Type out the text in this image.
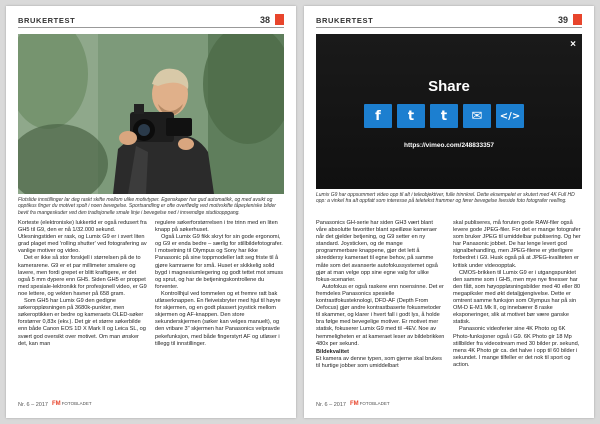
BRUKERTEST	38
Flotslide innstillinger lar deg raskt skifte mellom ulike motivtyper. Egenskaper har gud automatikk, og med avsikt og opptikus finger du motivet spolt i noen bevegelse. Sportsandling er ofte overflødig ved motivskifte tåpepleniske bilder bevit fra mangeskuder ved den tradisjonelle smale linje i bevegelse ned i innvendige studiooppgang.

Korteste (elektroniske) lukkertid er også redusert fra GH5 til G9, den er nå 1/32.000 sekund. Utlesningstiden er rask, og Lumix G9 er i svert liten grad plaget med 'rolling shutter' ved fotografering av vanlige motiver og video.

Det er ikke så stor forskjell i størrelsen på de to kamerarene. G9 er et par millimeter smalere og lavere, men fordi grepet er blitt kraftigere, er det også 5 mm dypere enn GH5. Siden GH5 er proppet med spesiale-lektronikk for profesjonell video, er G9 noe lettere, og vekten havner på 658 gram.

Som GH5 har Lumix G9 den gedigne søkeroppløsningen på 3680k-punkter, men søkeroptikken er bedre og kameraets OLED-søker forstørrer 0,83x (ekv.). Det gir et større søkerbilde enn både Canon EOS 1D X Mark II og Leica SL, og svært god oversikt over motivet. Om man ønsker det, kan man

regulere søkerforstørrelsen i tre trinn med en liten knapp på søkerhuset.

Også Lumix G9 fikk skryt for sin gode ergonomi, og G9 er enda bedre – særlig for stillbildefotografer. I motsetning til Olympus og Sony har ikke Panasonic på sine toppmodeller latt seg friste til å gjøre kamraene for små. Huset er skikkelig solid bygd i magnesiumlegering og godt tettet mot smuss og sprut, og har de betjeningskontrollene du forventer.

Kontrollhjul ved tommelen og et fremre ratt bak utløserknappen. En fleiveisbryter med hjul til høyre for skjermen, og en godt plassert joystick mellom skjermen og AF-knappen. Den store sekunderskjermen (søker kan velges manuelt), og den vribare 3" skjermen har Panasonics velpravde pekefunksjon, med både fingerstyrt AF og utløser i tillegg til innstillinger.

Nr. 6 – 2017 FMFOTOBLADET
BRUKERTEST	39
×
Share
f	t	t	✉	</>
https://vimeo.com/248833357
Lumix G9 har oppsummert video opp til alt i teleobjektiver, fulle trinnkrel. Dette eksempelet er skutert med 4K Full HD opp: a vinkel fra alt oppfatt som interesse på teletekst frammer og fører bevegelse liveside foto fotografer reelling.

Panasonics GH-serie har siden GH3 vært blant våre absolutte favoritter blant speilløse kameraer når det gjelder betjening, og G9 setter en ny standard. Joysticken, og de mange programmerbare knappene, gjør det lett å skreddersy kameraet til egne behov, på samme måte som det avanserte autofokussystemet også gjør at man velge opp sine egne valg for ulike fokus-scenarier.

Autofokus er også raskere enn noensinne. Det er fremdeles Panasonics spesielle kontrastfokusteknologi, DFD-AF (Depth From Defocus) gjør andre kontrastbaserte fokusmetoder til skammer, og klarer i hvert fall i godt lys, å holde bra følge med bevegelige motiver. Er motivet mer statisk, fokuserer Lumix G9 med til -4EV. Noe av hemmeligheten er at kameraet leser av bildebrikken 480x per sekund.

Bildekvalitet

Et kamera av denne typen, som gjerne skal brukes til hurtige jobber som umiddelbart

skal publiseres, må foruten gode RAW-filer også levere gode JPEG-filer. For det er mange fotografer som bruker JPEG til umiddelbar publisering. Og her har Panasonic jobbet. De har lenge levert god signalbehandling, men JPEG-filene er ytterligere forbedret i G9. Husk også på at JPEG-kvaliteten er kritisk under videoopptak.

CMOS-brikken til Lumix G9 er i utgangspunktet den samme som i GH5, men mye nye finesser har den fått, som høyoppløsningsbilder med 40 eller 80 megapiksler med økt detaljgjengivelse. Dette er omtrent samme funksjon som Olympus har på sin OM-D E-M1 Mk II, og innebærer 8 raske eksponeringer, slik at motivet bør være ganske statisk.

Panasonic videoferier sine 4K Photo og 6K Photo-funksjoner også i G9. 6K Photo gir 18 Mp stillbilder fra videostream med 30 bilder pr. sekund, mens 4K Photo gir ca. det halve i opp til 60 bilder i sekundet. I mange tilfeller er det nok til sport og action.

Nr. 6 – 2017 FMFOTOBLADET
